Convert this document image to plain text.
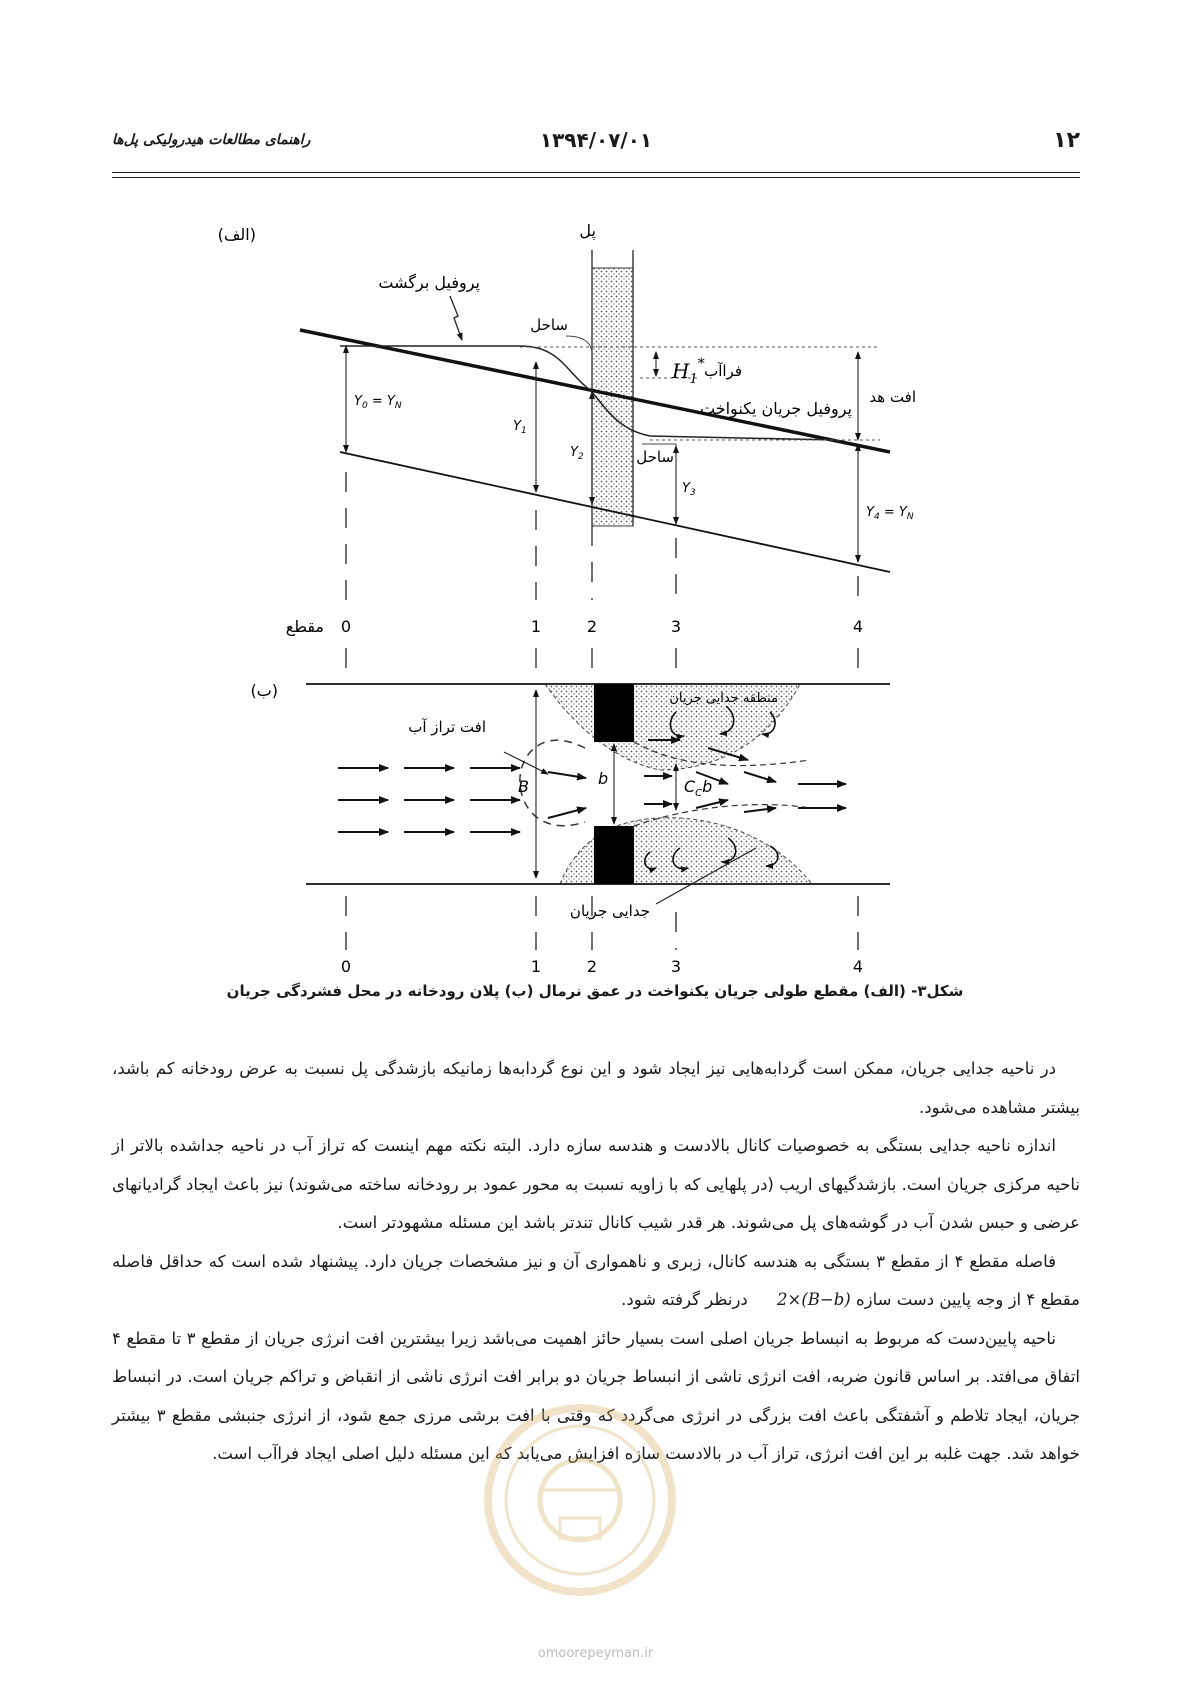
۱۲
۱۳۹۴/۰۷/۰۱
راهنمای مطالعات هیدرولیکی پل‌ها
(الف)	پل
پروفیل برگشت
ساحل
فراآب
$H_1^*$
افت هد
پروفیل جریان یکنواخت
ساحل
$Y_0 = Y_N$
$Y_1$
$Y_2$
$Y_3$
$Y_4 = Y_N$
مقطع 0	1	2	3	4
(ب)
B	b	$C_Cb$
منطقه جدایی جریان
افت تراز آب
جدایی جریان
0	1	2	3	4
شکل۳- (الف) مقطع طولی جریان یکنواخت در عمق نرمال (ب) پلان رودخانه در محل فشردگی جریان

در ناحیه جدایی جریان، ممکن است گردابه‌هایی نیز ایجاد شود و این نوع گردابه‌ها زمانیکه بازشدگی پل نسبت به عرض رودخانه کم باشد، بیشتر مشاهده می‌شود.

اندازه ناحیه جدایی بستگی به خصوصیات کانال بالادست و هندسه سازه دارد. البته نکته مهم اینست که تراز آب در ناحیه جداشده بالاتر از ناحیه مرکزی جریان است. بازشدگیهای اریب (در پلهایی که با زاویه نسبت به محور عمود بر رودخانه ساخته می‌شوند) نیز باعث ایجاد گرادیانهای عرضی و حبس شدن آب در گوشه‌های پل می‌شوند. هر قدر شیب کانال تندتر باشد این مسئله مشهودتر است.

فاصله مقطع ۴ از مقطع ۳ بستگی به هندسه کانال، زبری و ناهمواری آن و نیز مشخصات جریان دارد. پیشنهاد شده است که حداقل فاصله مقطع ۴ از وجه پایین دست سازه 2×(B−b) درنظر گرفته شود.

ناحیه پایین‌دست که مربوط به انبساط جریان اصلی است بسیار حائز اهمیت می‌باشد زیرا بیشترین افت انرژی جریان از مقطع ۳ تا مقطع ۴ اتفاق می‌افتد. بر اساس قانون ضربه، افت انرژی ناشی از انبساط جریان دو برابر افت انرژی ناشی از انقباض و تراکم جریان است. در انبساط جریان، ایجاد تلاطم و آشفتگی باعث افت بزرگی در انرژی می‌گردد که وقتی با افت برشی مرزی جمع شود، از انرژی جنبشی مقطع ۳ بیشتر خواهد شد. جهت غلبه بر این افت انرژی، تراز آب در بالادست سازه افزایش می‌یابد که این مسئله دلیل اصلی ایجاد فراآب است.

omoorepeyman.ir
